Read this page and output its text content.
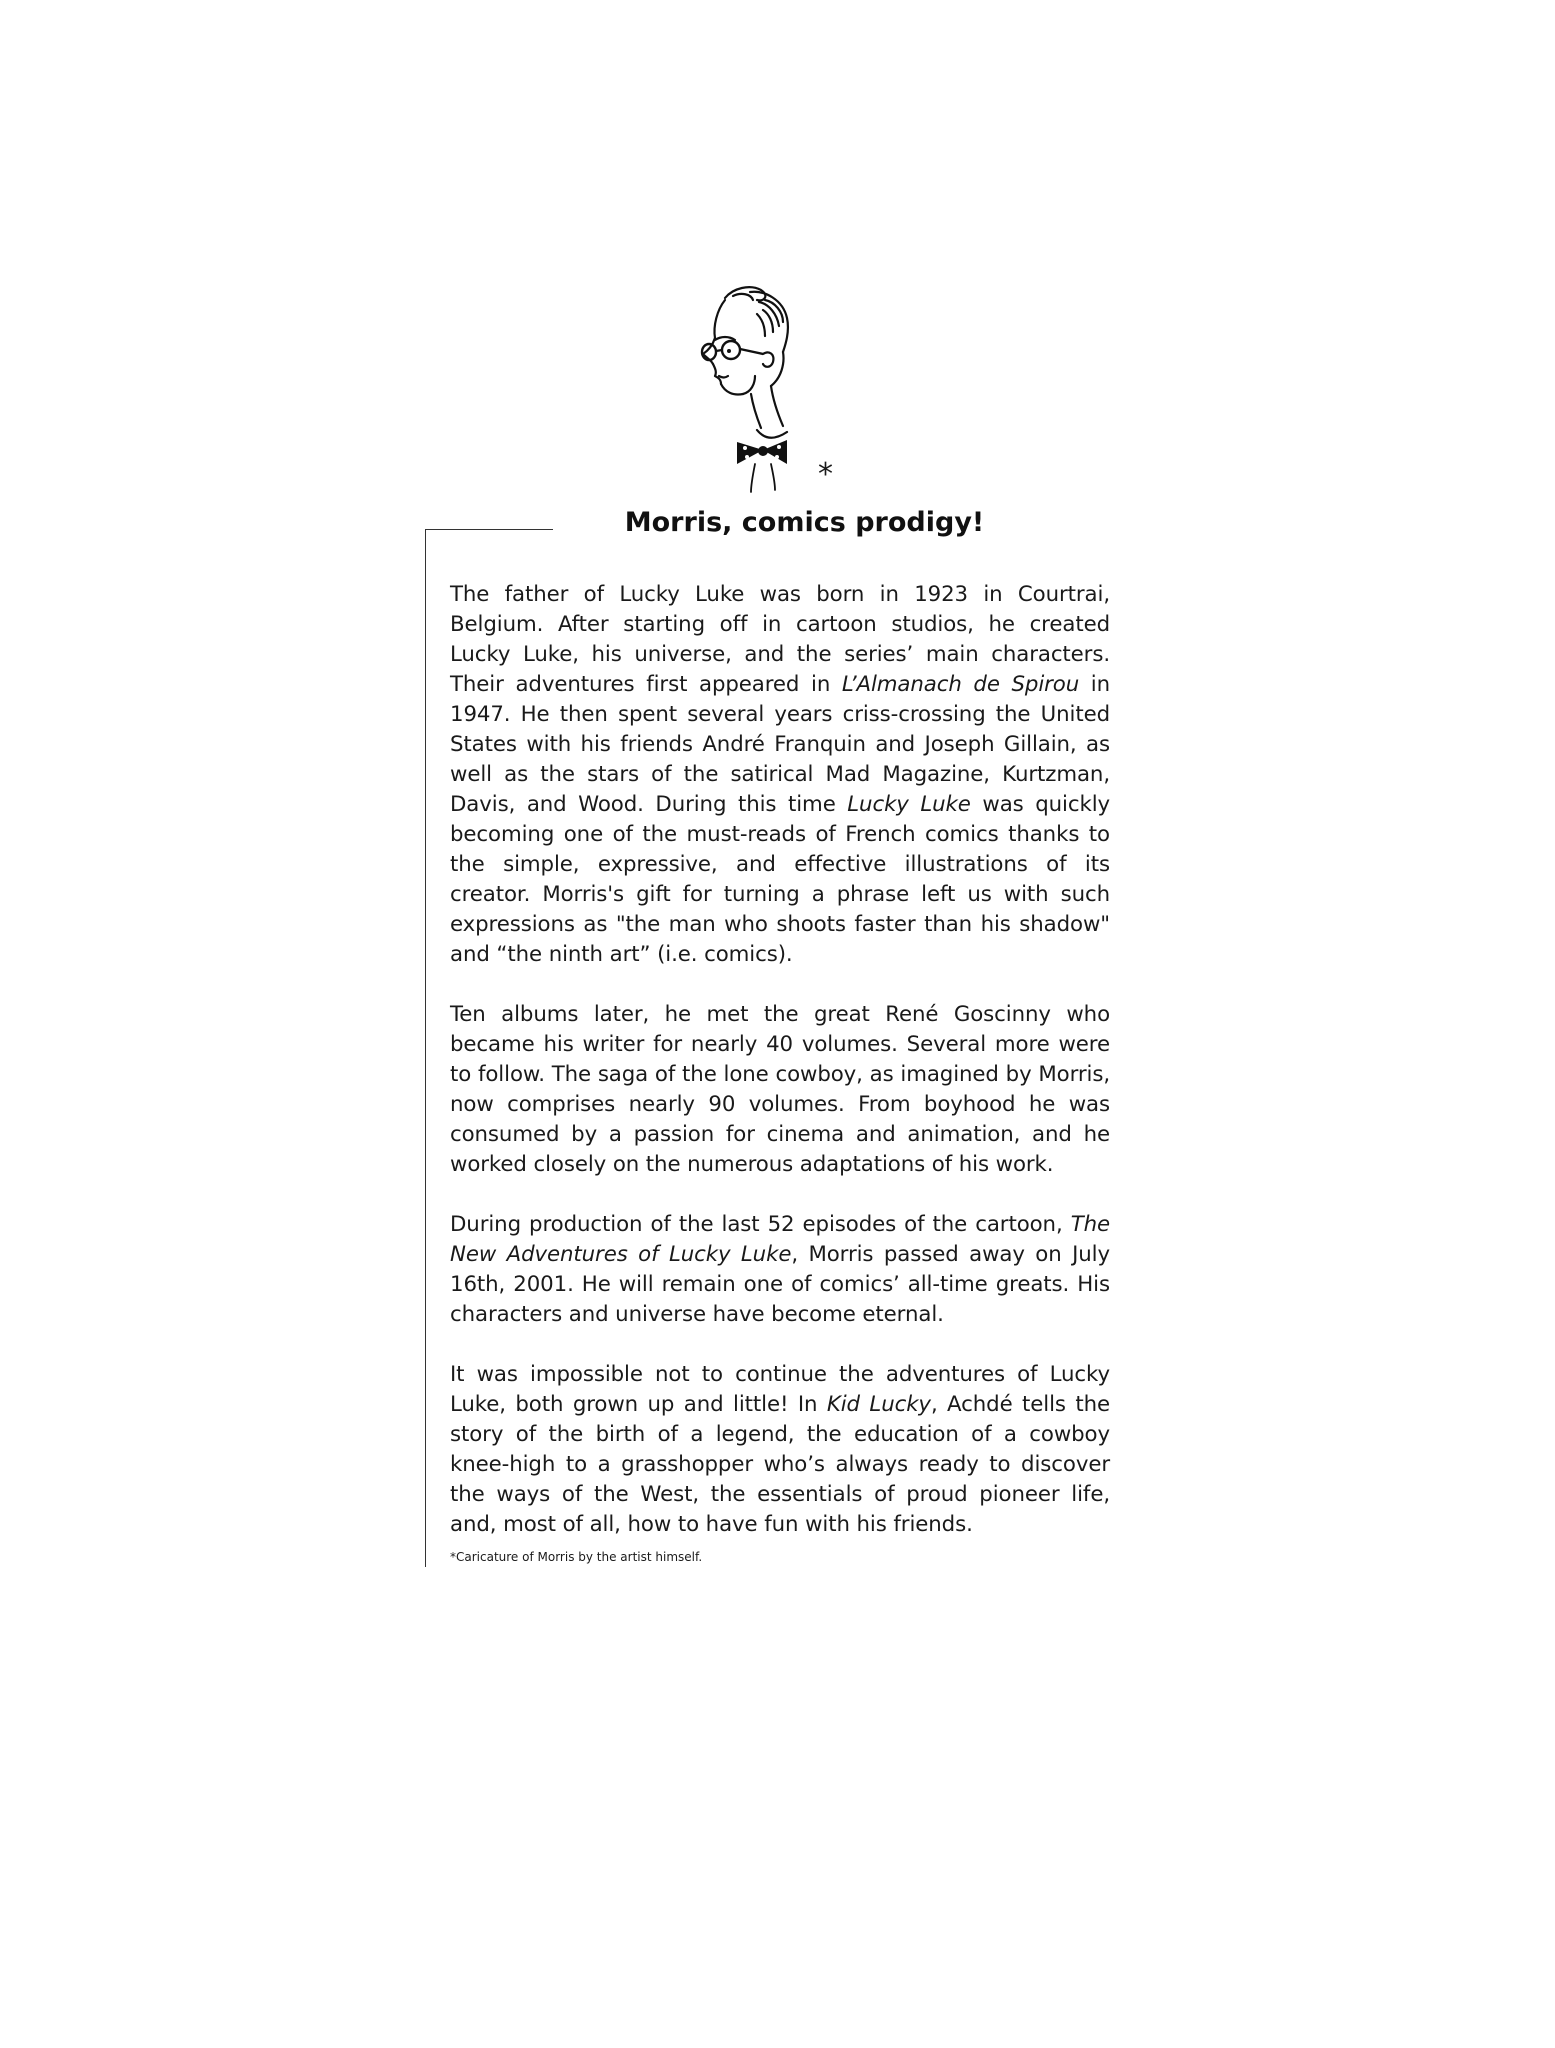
*
Morris, comics prodigy!

The father of Lucky Luke was born in 1923 in Courtrai, Belgium. After starting off in cartoon studios, he created Lucky Luke, his universe, and the series’ main characters. Their adventures first appeared in L’Almanach de Spirou in 1947. He then spent several years criss-crossing the United States with his friends André Franquin and Joseph Gillain, as well as the stars of the satirical Mad Magazine, Kurtzman, Davis, and Wood. During this time Lucky Luke was quickly becoming one of the must-reads of French comics thanks to the simple, expressive, and effective illustrations of its creator. Morris's gift for turning a phrase left us with such expressions as "the man who shoots faster than his shadow" and “the ninth art” (i.e. comics).

Ten albums later, he met the great René Goscinny who became his writer for nearly 40 volumes. Several more were to follow. The saga of the lone cowboy, as imagined by Morris, now comprises nearly 90 volumes. From boyhood he was consumed by a passion for cinema and animation, and he worked closely on the numerous adaptations of his work.

During production of the last 52 episodes of the cartoon, The New Adventures of Lucky Luke, Morris passed away on July 16th, 2001. He will remain one of comics’ all-time greats. His characters and universe have become eternal.

It was impossible not to continue the adventures of Lucky Luke, both grown up and little! In Kid Lucky, Achdé tells the story of the birth of a legend, the education of a cowboy knee-high to a grasshopper who’s always ready to discover the ways of the West, the essentials of proud pioneer life, and, most of all, how to have fun with his friends.

*Caricature of Morris by the artist himself.
